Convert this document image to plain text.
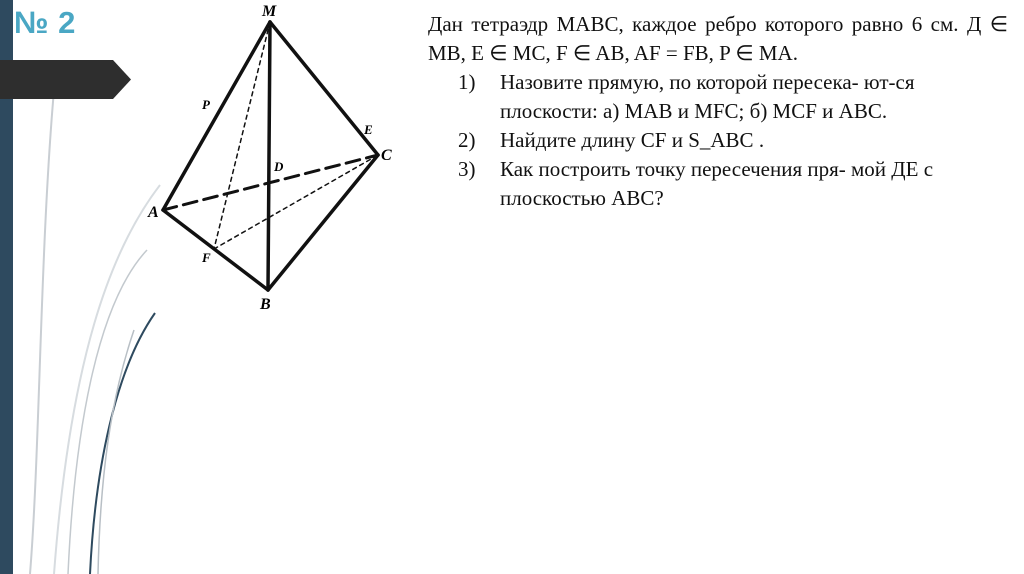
№ 2	M
P
D
E
C
A
F
B
Дан тетраэдр MABC, каждое ребро которого равно 6 см. Д ∈ MB, E ∈ MC, F ∈ AB, AF = FB, P ∈ MA.
1)	Назовите прямую, по которой пересека- ют-ся плоскости: а) MAB и MFC; б) MCF и ABC.
2)	Найдите длину CF и S_ABC .
3)	Как построить точку пересечения пря- мой ДЕ с плоскостью ABC?
